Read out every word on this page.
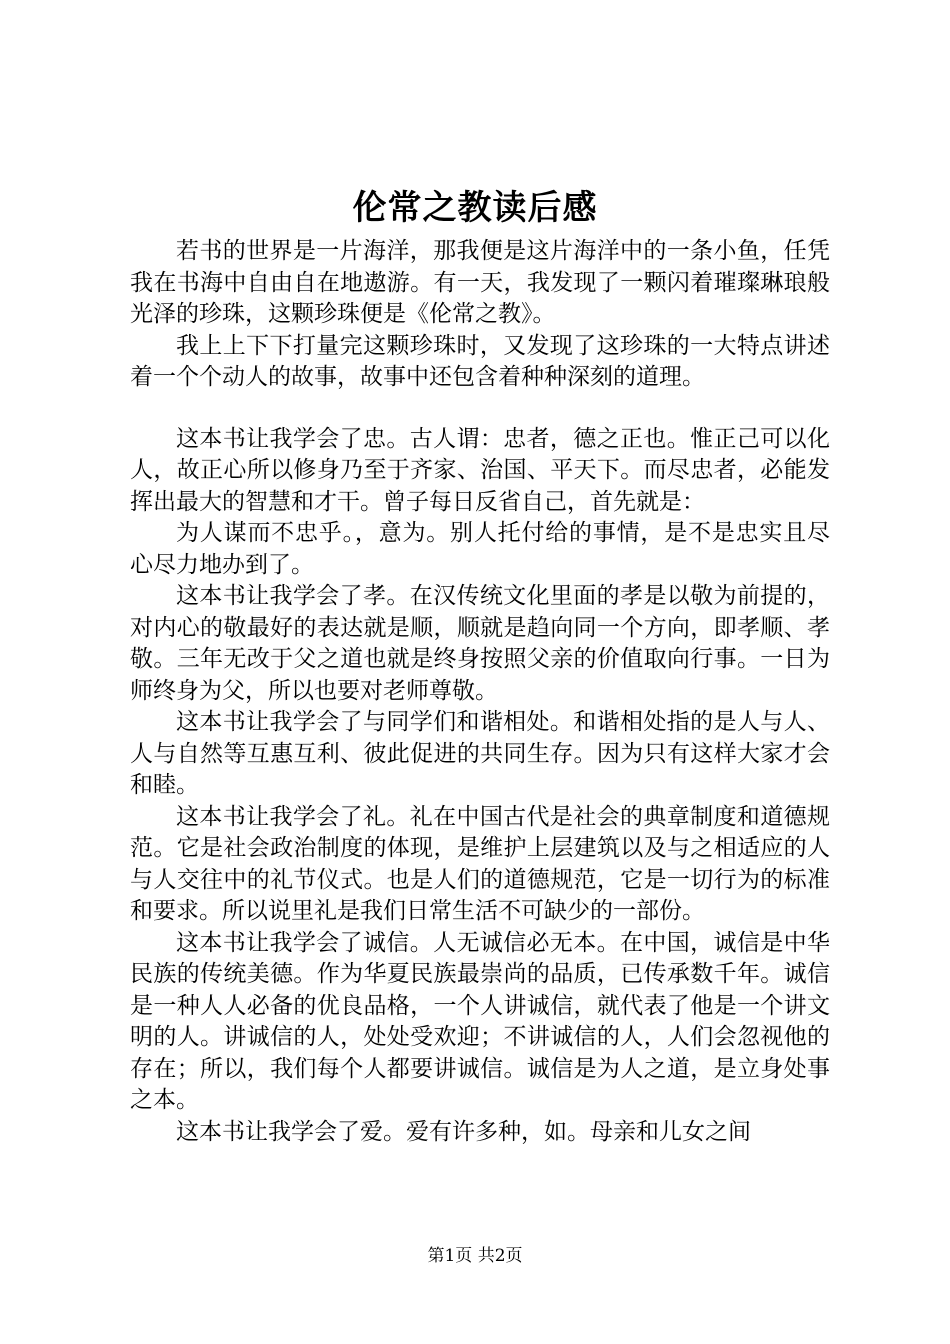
伦常之教读后感

若书的世界是一片海洋，那我便是这片海洋中的一条小鱼，任凭我在书海中自由自在地遨游。有一天，我发现了一颗闪着璀璨琳琅般光泽的珍珠，这颗珍珠便是《伦常之教》。

我上上下下打量完这颗珍珠时，又发现了这珍珠的一大特点讲述着一个个动人的故事，故事中还包含着种种深刻的道理。

这本书让我学会了忠。古人谓：忠者，德之正也。惟正己可以化人，故正心所以修身乃至于齐家、治国、平天下。而尽忠者，必能发挥出最大的智慧和才干。曾子每日反省自己，首先就是：

为人谋而不忠乎。，意为。别人托付给的事情，是不是忠实且尽心尽力地办到了。

这本书让我学会了孝。在汉传统文化里面的孝是以敬为前提的，对内心的敬最好的表达就是顺，顺就是趋向同一个方向，即孝顺、孝敬。三年无改于父之道也就是终身按照父亲的价值取向行事。一日为师终身为父，所以也要对老师尊敬。

这本书让我学会了与同学们和谐相处。和谐相处指的是人与人、人与自然等互惠互利、彼此促进的共同生存。因为只有这样大家才会和睦。

这本书让我学会了礼。礼在中国古代是社会的典章制度和道德规范。它是社会政治制度的体现，是维护上层建筑以及与之相适应的人与人交往中的礼节仪式。也是人们的道德规范，它是一切行为的标准和要求。所以说里礼是我们日常生活不可缺少的一部份。

这本书让我学会了诚信。人无诚信必无本。在中国，诚信是中华民族的传统美德。作为华夏民族最崇尚的品质，已传承数千年。诚信是一种人人必备的优良品格，一个人讲诚信，就代表了他是一个讲文明的人。讲诚信的人，处处受欢迎；不讲诚信的人，人们会忽视他的存在；所以，我们每个人都要讲诚信。诚信是为人之道，是立身处事之本。

这本书让我学会了爱。爱有许多种，如。母亲和儿女之间

第1页 共2页
